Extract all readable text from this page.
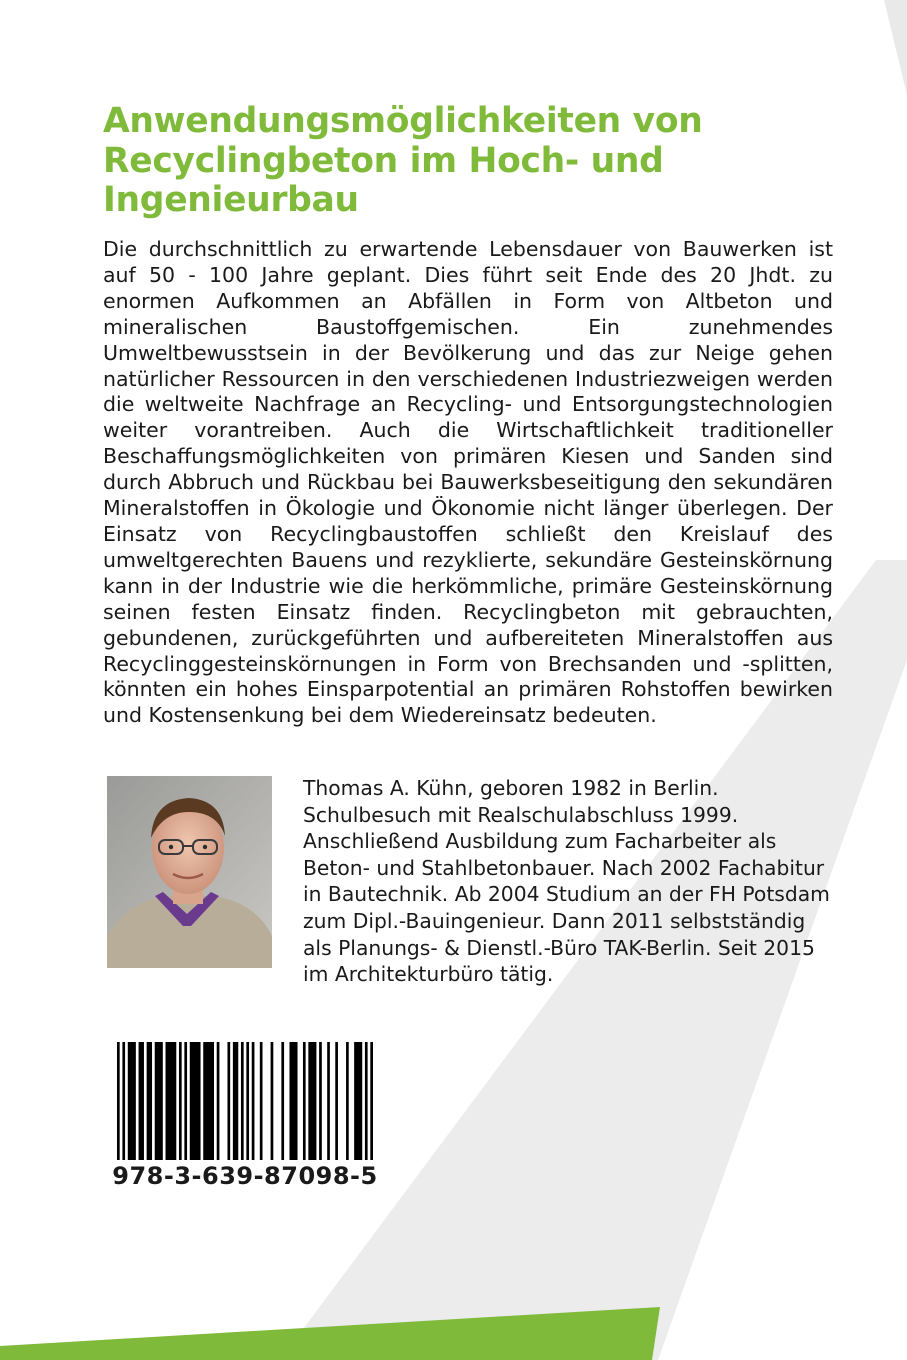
Anwendungsmöglichkeiten von
Recyclingbeton im Hoch- und
Ingenieurbau

Die durchschnittlich zu erwartende Lebensdauer von Bauwerken ist auf 50 - 100 Jahre geplant. Dies führt seit Ende des 20 Jhdt. zu enormen Aufkommen an Abfällen in Form von Altbeton und mineralischen Baustoffgemischen. Ein zunehmendes Umweltbewusstsein in der Bevölkerung und das zur Neige gehen natürlicher Ressourcen in den verschiedenen Industriezweigen werden die weltweite Nachfrage an Recycling- und Entsorgungstechnologien weiter vorantreiben. Auch die Wirtschaftlichkeit traditioneller Beschaffungsmöglichkeiten von primären Kiesen und Sanden sind durch Abbruch und Rückbau bei Bauwerksbeseitigung den sekundären Mineralstoffen in Ökologie und Ökonomie nicht länger überlegen. Der Einsatz von Recyclingbaustoffen schließt den Kreislauf des umweltgerechten Bauens und rezyklierte, sekundäre Gesteinskörnung kann in der Industrie wie die herkömmliche, primäre Gesteinskörnung seinen festen Einsatz finden. Recyclingbeton mit gebrauchten, gebundenen, zurückgeführten und aufbereiteten Mineralstoffen aus Recyclinggesteinskörnungen in Form von Brechsanden und -splitten, könnten ein hohes Einsparpotential an primären Rohstoffen bewirken und Kostensenkung bei dem Wiedereinsatz bedeuten.

Thomas A. Kühn, geboren 1982 in Berlin.
Schulbesuch mit Realschulabschluss 1999.
Anschließend Ausbildung zum Facharbeiter als
Beton- und Stahlbetonbauer. Nach 2002 Fachabitur
in Bautechnik. Ab 2004 Studium an der FH Potsdam
zum Dipl.-Bauingenieur. Dann 2011 selbstständig
als Planungs- & Dienstl.-Büro TAK-Berlin. Seit 2015
im Architekturbüro tätig.

978-3-639-87098-5
